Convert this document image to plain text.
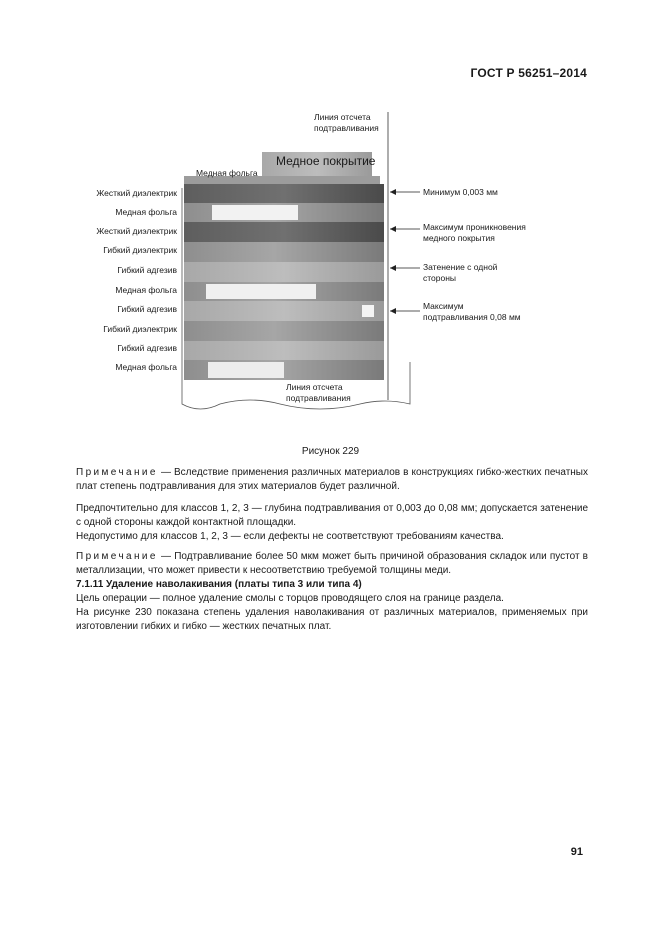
ГОСТ Р 56251–2014
Линия отсчета
подтравливания
Медное покрытие
Медная фольга
Жесткий диэлектрик
Медная фольга
Жесткий диэлектрик
Гибкий диэлектрик
Гибкий адгезив
Медная фольга
Гибкий адгезив
Гибкий диэлектрик
Гибкий адгезив
Медная фольга
Минимум 0,003 мм
Максимум проникновения
медного покрытия
Затенение с одной
стороны
Максимум
подтравливания 0,08 мм
Линия отсчета
подтравливания
Рисунок 229
Примечание — Вследствие применения различных материалов в конструкциях гибко-жестких печатных плат степень подтравливания для этих материалов будет различной.
Предпочтительно для классов 1, 2, 3 — глубина подтравливания от 0,003 до 0,08 мм; допускается затенение с одной стороны каждой контактной площадки.
Недопустимо для классов 1, 2, 3 — если дефекты не соответствуют требованиям качества.
Примечание — Подтравливание более 50 мкм может быть причиной образования складок или пустот в металлизации, что может привести к несоответствию требуемой толщины меди.
7.1.11 Удаление наволакивания (платы типа 3 или типа 4)
Цель операции — полное удаление смолы с торцов проводящего слоя на границе раздела.
На рисунке 230 показана степень удаления наволакивания от различных материалов, применяемых при изготовлении гибких и гибко — жестких печатных плат.
91
